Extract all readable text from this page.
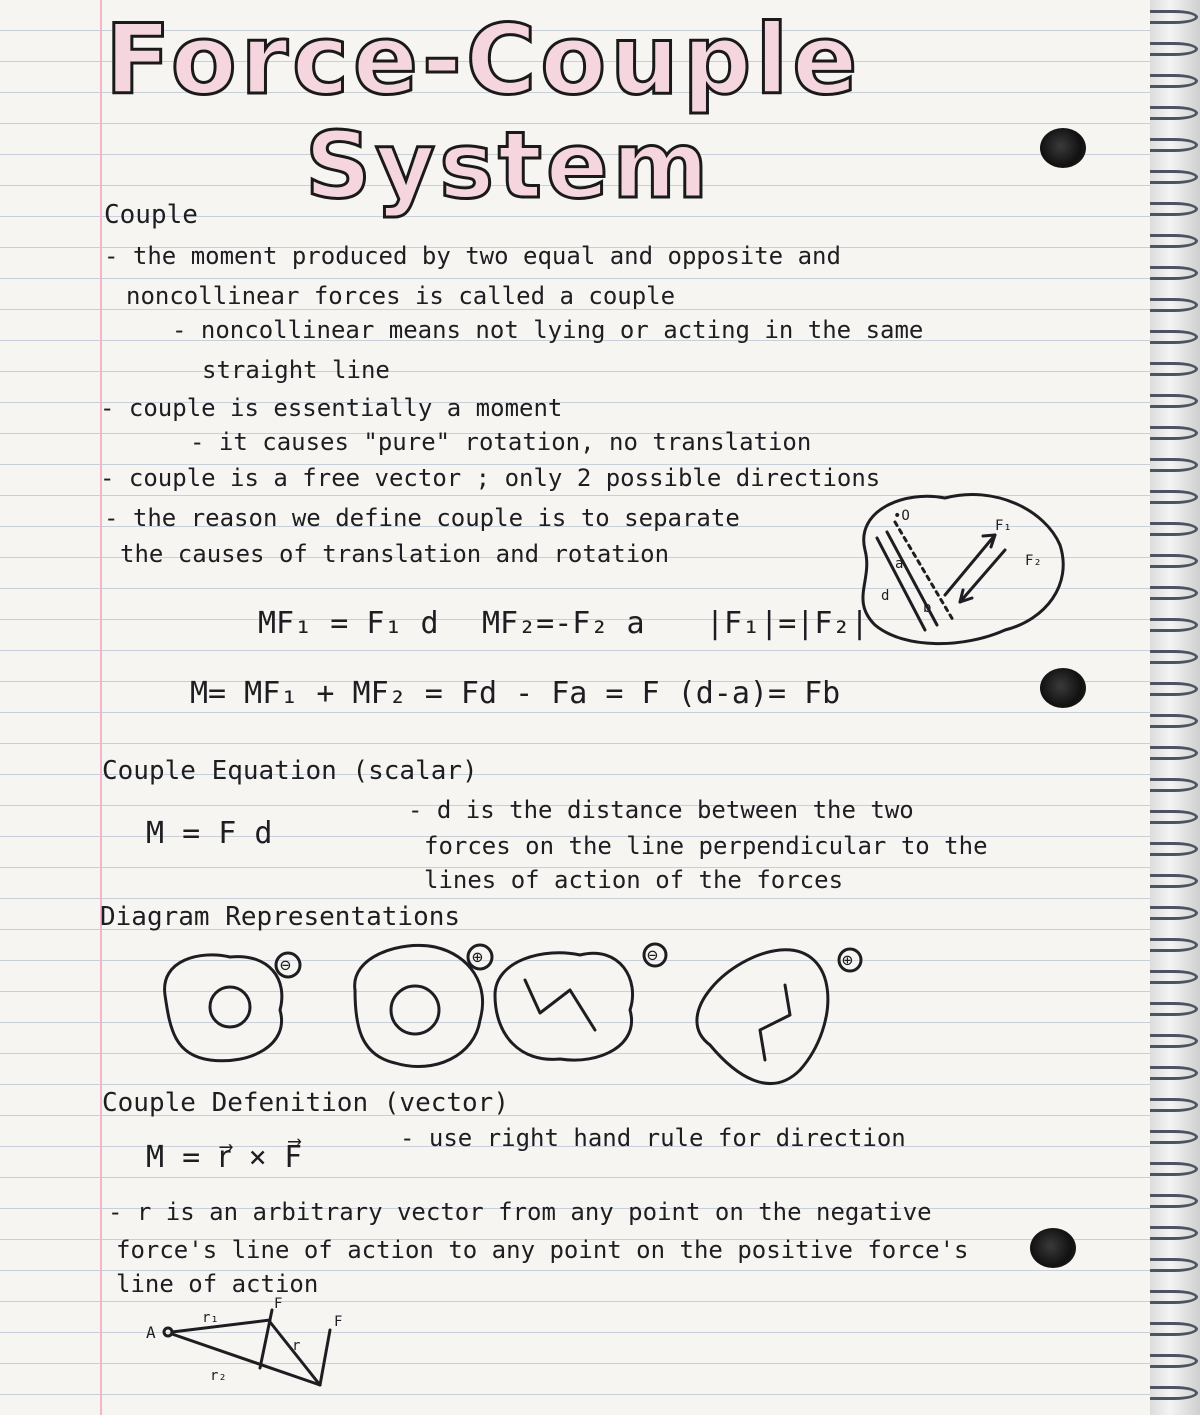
Force-Couple
System
Couple
- the moment produced by two equal and opposite and
noncollinear forces is called a couple
- noncollinear means not lying or acting in the same
straight line
- couple is essentially a moment
- it causes "pure" rotation, no translation
- couple is a free vector ; only 2 possible directions
- the reason we define couple is to separate
the causes of translation and rotation
•O
F₁
F₂
a
b
d
MF₁ = F₁ d MF₂=-F₂ a |F₁|=|F₂|
M= MF₁ + MF₂ = Fd - Fa = F (d-a)= Fb
Couple Equation (scalar)
M = F d
- d is the distance between the two
forces on the line perpendicular to the
lines of action of the forces
Diagram Representations
⊖	⊕	⊖	⊕
Couple Defenition (vector)
M = r⃗ × F⃗
- use right hand rule for direction
- r is an arbitrary vector from any point on the negative
force's line of action to any point on the positive force's
line of action
A
r₁
r₂
r
F
F
